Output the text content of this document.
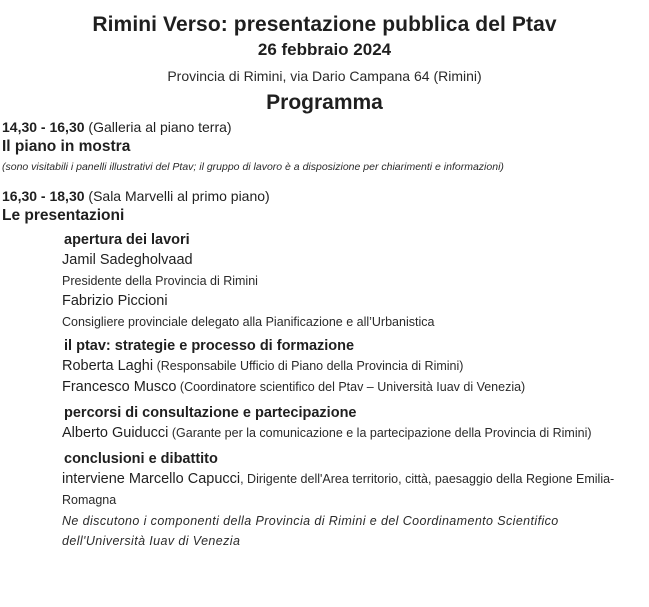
Rimini Verso: presentazione pubblica del Ptav
26 febbraio 2024
Provincia di Rimini, via Dario Campana 64 (Rimini)
Programma
14,30 - 16,30 (Galleria al piano terra)
Il piano in mostra
(sono visitabili i panelli illustrativi del Ptav; il gruppo di lavoro è a disposizione per chiarimenti e informazioni)
16,30 - 18,30 (Sala Marvelli al primo piano)
Le presentazioni
apertura dei lavori
Jamil Sadegholvaad
Presidente della Provincia di Rimini
Fabrizio Piccioni
Consigliere provinciale delegato alla Pianificazione e all’Urbanistica
il ptav: strategie e processo di formazione
Roberta Laghi (Responsabile Ufficio di Piano della Provincia di Rimini)
Francesco Musco (Coordinatore scientifico del Ptav – Università Iuav di Venezia)
percorsi di consultazione e partecipazione
Alberto Guiducci (Garante per la comunicazione e la partecipazione della Provincia di Rimini)
conclusioni e dibattito
interviene Marcello Capucci, Dirigente dell'Area territorio, città, paesaggio della Regione Emilia-Romagna
Ne discutono i componenti della Provincia di Rimini e del Coordinamento Scientifico dell'Università Iuav di Venezia
